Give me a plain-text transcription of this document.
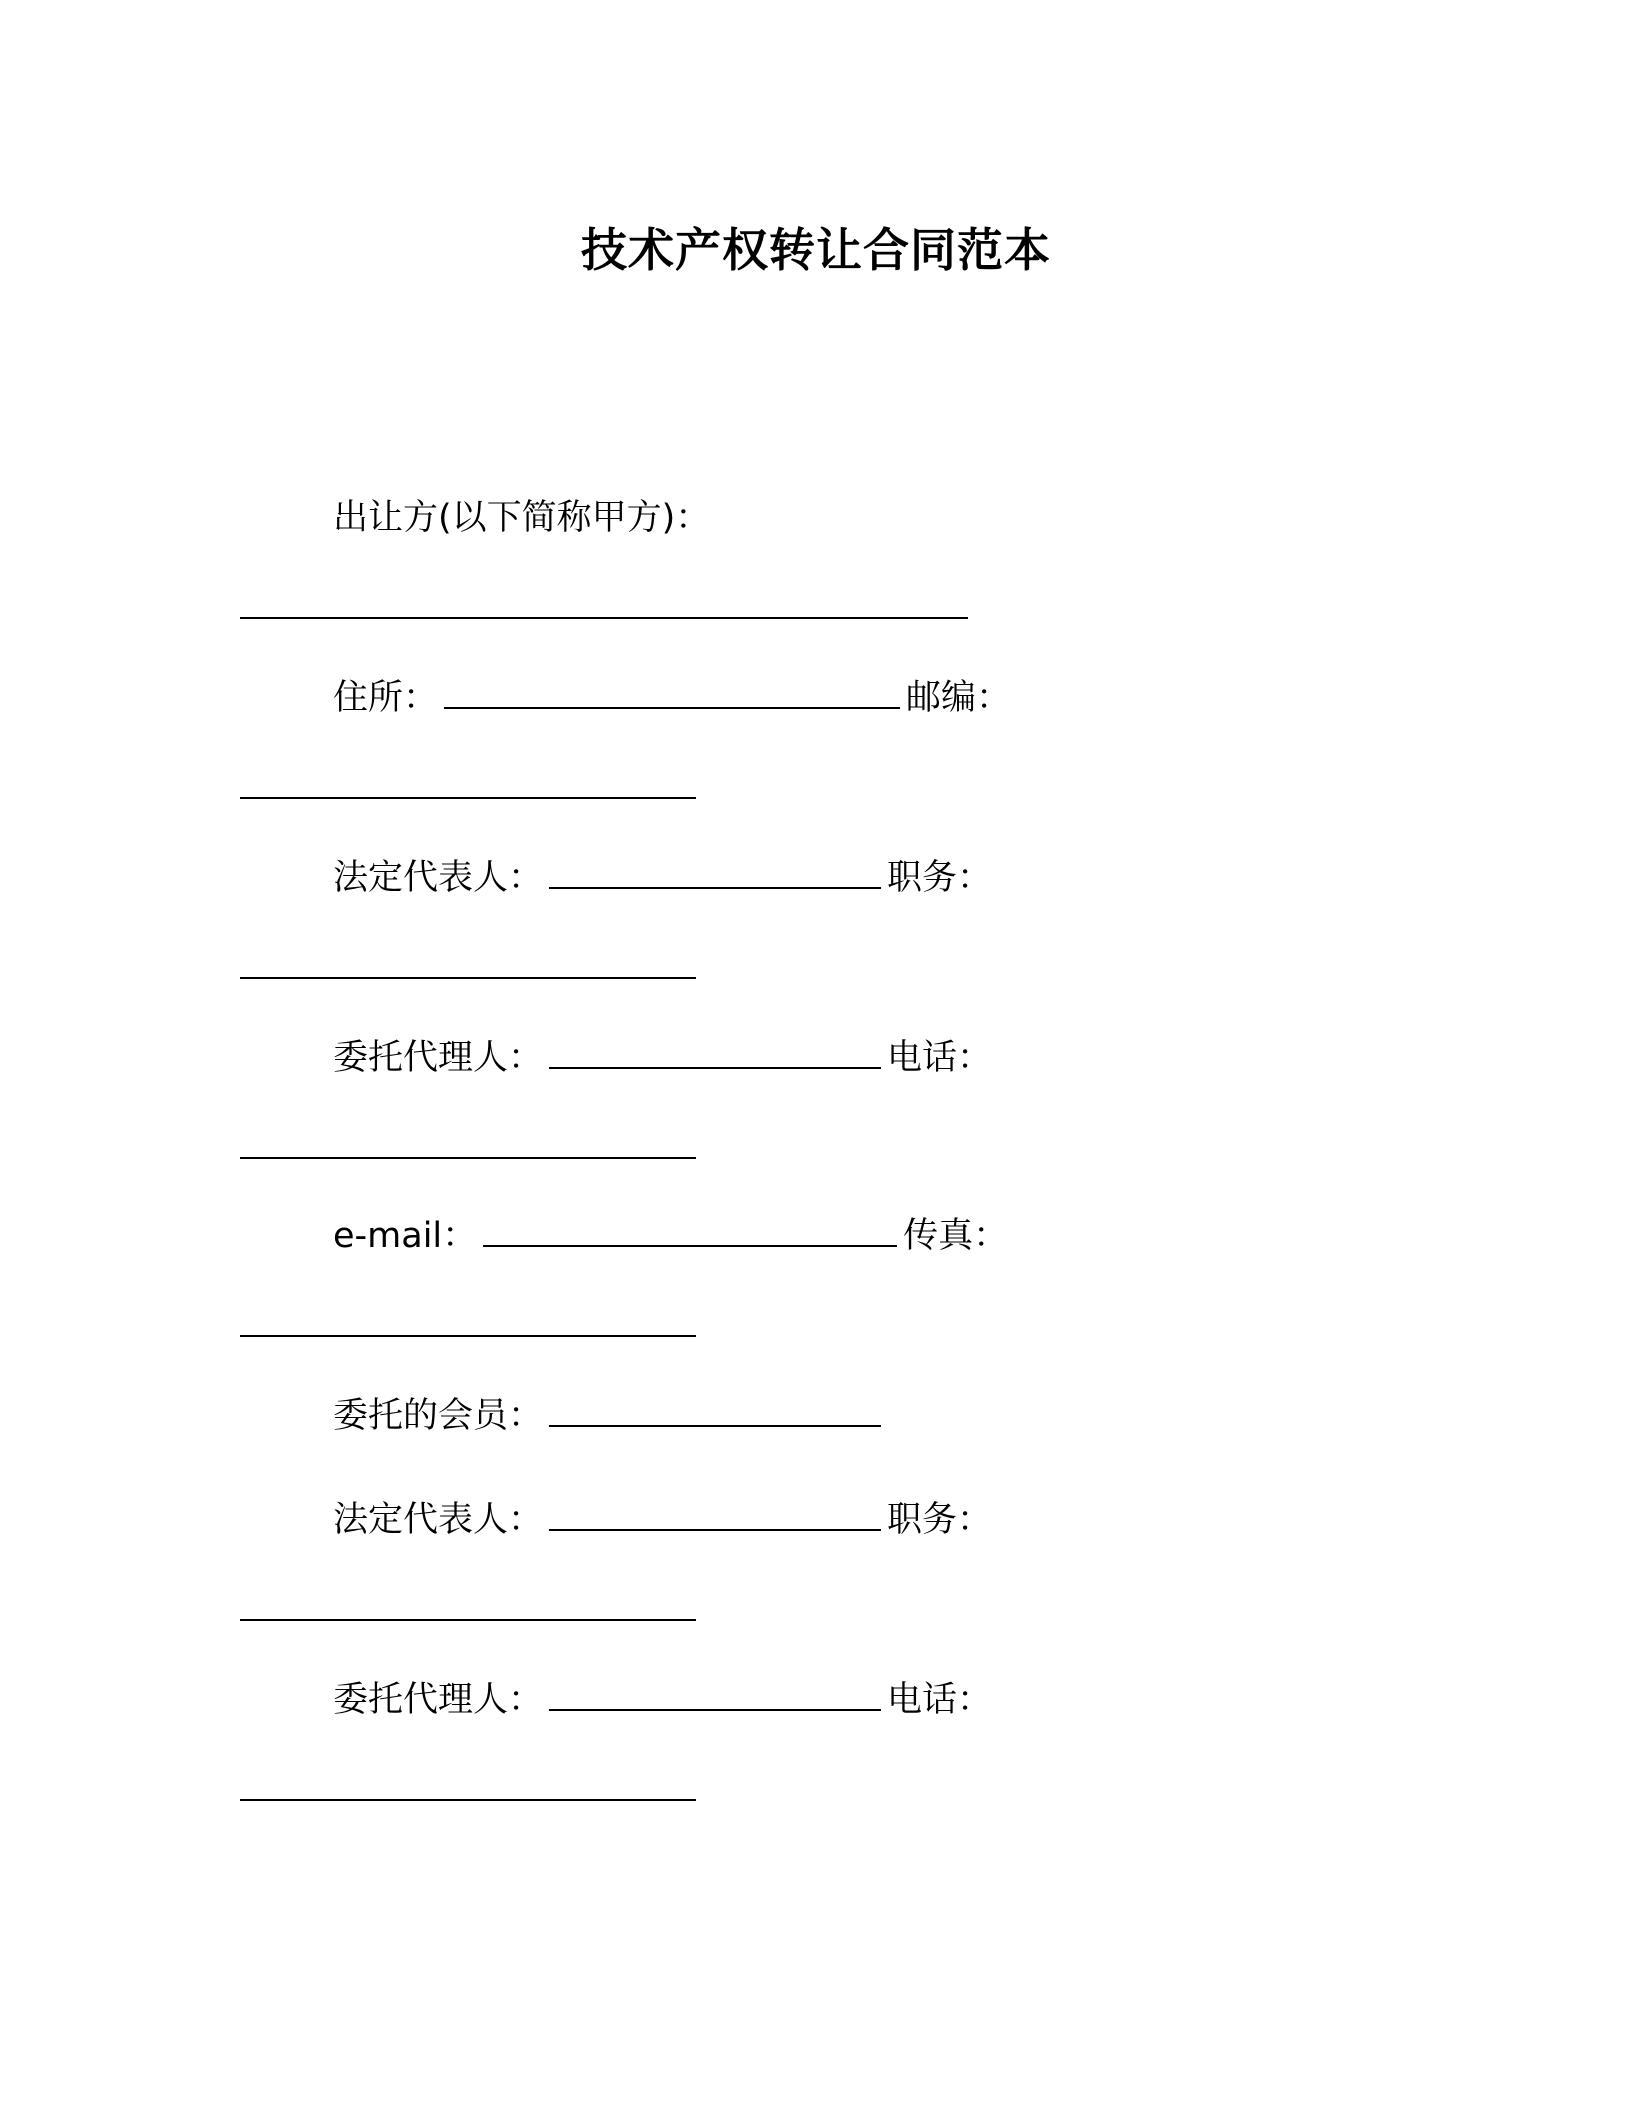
技术产权转让合同范本
出让方(以下简称甲方)：
住所：	邮编：
法定代表人：	职务：
委托代理人：	电话：
e-mail：	传真：
委托的会员：
法定代表人：	职务：
委托代理人：	电话：
